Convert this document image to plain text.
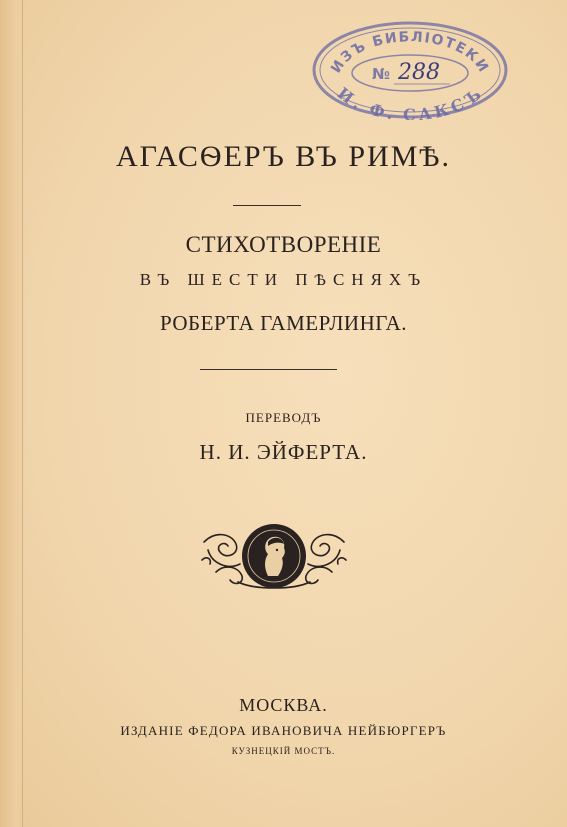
ИЗЪ БИБЛІОТЕКИ
И. Ф. САКСЪ
№ 288
АГАСѲЕРЪ ВЪ РИМѢ.
СТИХОТВОРЕНІЕ
ВЪ ШЕСТИ ПѢСНЯХЪ
РОБЕРТА ГАМЕРЛИНГА.
ПЕРЕВОДЪ
Н. И. ЭЙФЕРТА.
МОСКВА.
ИЗДАНІЕ ФЕДОРА ИВАНОВИЧА НЕЙБЮРГЕРЪ
КУЗНЕЦКІЙ МОСТЪ.
